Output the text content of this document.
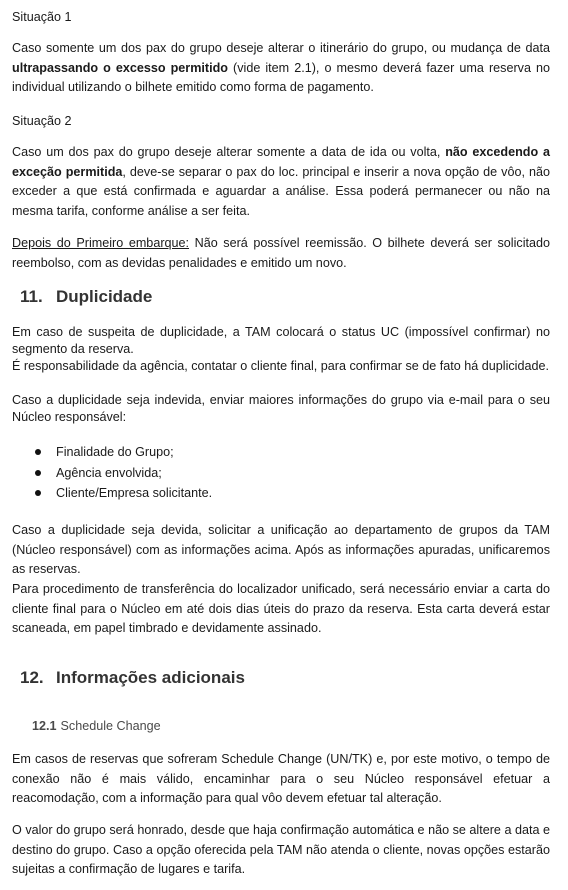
Situação 1

Caso somente um dos pax do grupo deseje alterar o itinerário do grupo, ou mudança de data ultrapassando o excesso permitido (vide item 2.1), o mesmo deverá fazer uma reserva no individual utilizando o bilhete emitido como forma de pagamento.

Situação 2

Caso um dos pax do grupo deseje alterar somente a data de ida ou volta, não excedendo a exceção permitida, deve-se separar o pax do loc. principal e inserir a nova opção de vôo, não exceder a que está confirmada e aguardar a análise. Essa poderá permanecer ou não na mesma tarifa, conforme análise a ser feita.

Depois do Primeiro embarque: Não será possível reemissão. O bilhete deverá ser solicitado reembolso, com as devidas penalidades e emitido um novo.

11. Duplicidade

Em caso de suspeita de duplicidade, a TAM colocará o status UC (impossível confirmar) no segmento da reserva.

É responsabilidade da agência, contatar o cliente final, para confirmar se de fato há duplicidade.

Caso a duplicidade seja indevida, enviar maiores informações do grupo via e-mail para o seu Núcleo responsável:

Finalidade do Grupo;
Agência envolvida;
Cliente/Empresa solicitante.

Caso a duplicidade seja devida, solicitar a unificação ao departamento de grupos da TAM (Núcleo responsável) com as informações acima. Após as informações apuradas, unificaremos as reservas.

Para procedimento de transferência do localizador unificado, será necessário enviar a carta do cliente final para o Núcleo em até dois dias úteis do prazo da reserva. Esta carta deverá estar scaneada, em papel timbrado e devidamente assinado.

12. Informações adicionais
12.1 Schedule Change

Em casos de reservas que sofreram Schedule Change (UN/TK) e, por este motivo, o tempo de conexão não é mais válido, encaminhar para o seu Núcleo responsável efetuar a reacomodação, com a informação para qual vôo devem efetuar tal alteração.

O valor do grupo será honrado, desde que haja confirmação automática e não se altere a data e destino do grupo. Caso a opção oferecida pela TAM não atenda o cliente, novas opções estarão sujeitas a confirmação de lugares e tarifa.
